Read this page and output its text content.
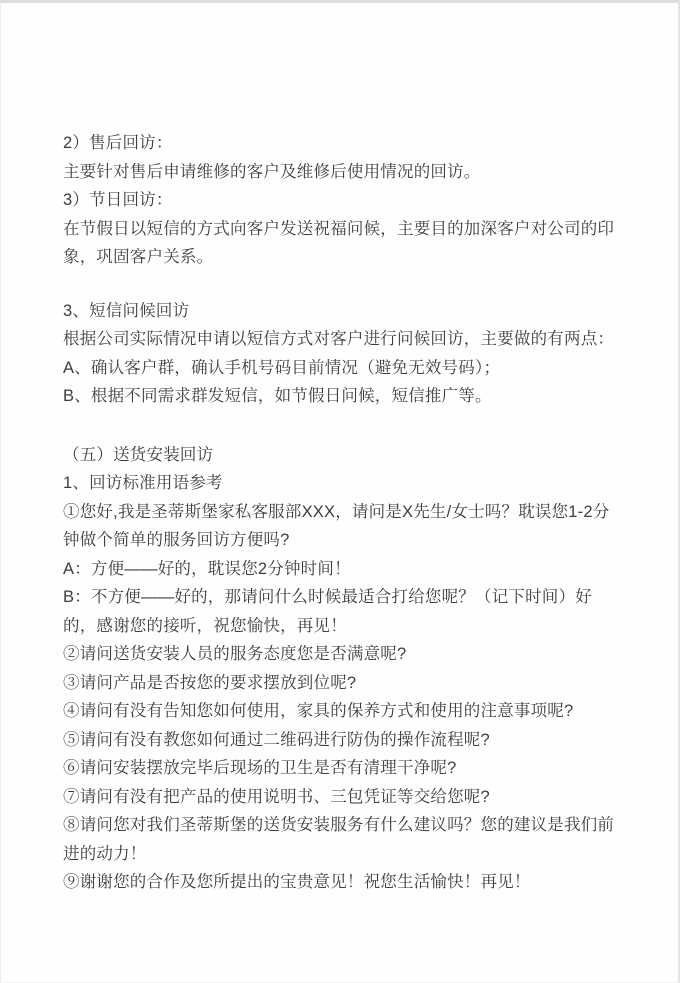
2）售后回访：

主要针对售后申请维修的客户及维修后使用情况的回访。

3）节日回访：

在节假日以短信的方式向客户发送祝福问候，主要目的加深客户对公司的印象，巩固客户关系。

3、短信问候回访

根据公司实际情况申请以短信方式对客户进行问候回访，主要做的有两点：

A、确认客户群，确认手机号码目前情况（避免无效号码）；

B、根据不同需求群发短信，如节假日问候，短信推广等。

（五）送货安装回访

1、回访标准用语参考

①您好,我是圣蒂斯堡家私客服部XXX，请问是X先生/女士吗？耽误您1-2分钟做个简单的服务回访方便吗?

A：方便——好的，耽误您2分钟时间！

B：不方便——好的，那请问什么时候最适合打给您呢？（记下时间）好的，感谢您的接听，祝您愉快，再见！

②请问送货安装人员的服务态度您是否满意呢?

③请问产品是否按您的要求摆放到位呢?

④请问有没有告知您如何使用，家具的保养方式和使用的注意事项呢?

⑤请问有没有教您如何通过二维码进行防伪的操作流程呢?

⑥请问安装摆放完毕后现场的卫生是否有清理干净呢?

⑦请问有没有把产品的使用说明书、三包凭证等交给您呢?

⑧请问您对我们圣蒂斯堡的送货安装服务有什么建议吗？您的建议是我们前进的动力！

⑨谢谢您的合作及您所提出的宝贵意见！祝您生活愉快！再见！
